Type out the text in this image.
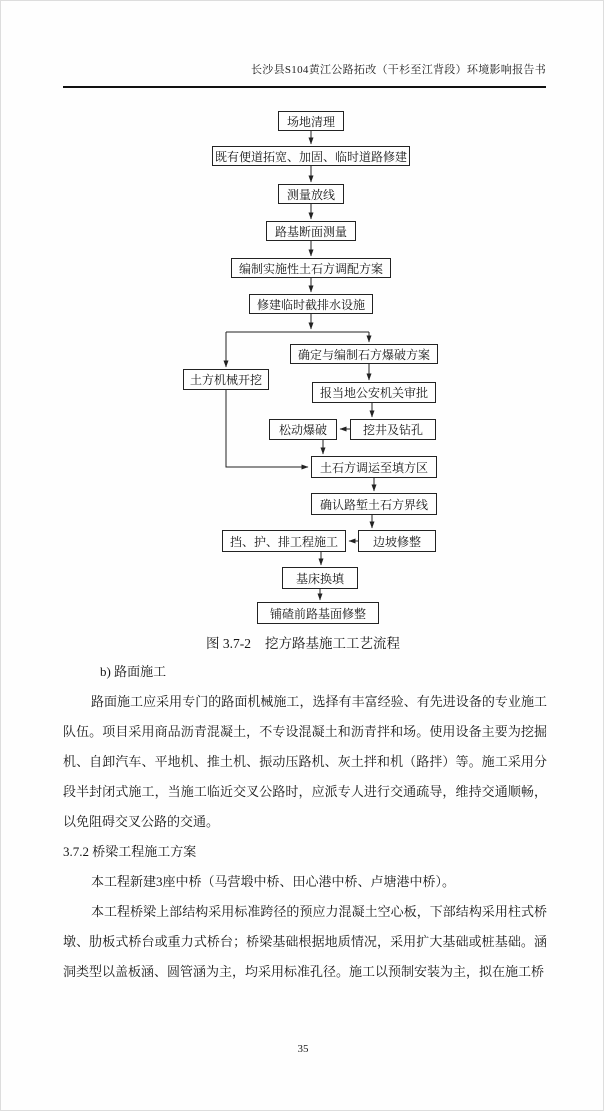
长沙县S104黄江公路拓改（干杉至江背段）环境影响报告书
场地清理
既有便道拓宽、加固、临时道路修建
测量放线
路基断面测量
编制实施性土石方调配方案
修建临时截排水设施
确定与编制石方爆破方案
土方机械开挖
报当地公安机关审批
松动爆破	挖井及钻孔
土石方调运至填方区
确认路堑土石方界线
挡、护、排工程施工	边坡修整
基床换填
铺碴前路基面修整
图 3.7-2 挖方路基施工工艺流程
b) 路面施工

路面施工应采用专门的路面机械施工，选择有丰富经验、有先进设备的专业施工队伍。项目采用商品沥青混凝土，不专设混凝土和沥青拌和场。使用设备主要为挖掘机、自卸汽车、平地机、推土机、振动压路机、灰土拌和机（路拌）等。施工采用分段半封闭式施工，当施工临近交叉公路时，应派专人进行交通疏导，维持交通顺畅，以免阻碍交叉公路的交通。

3.7.2 桥梁工程施工方案

本工程新建3座中桥（马营塅中桥、田心港中桥、卢塘港中桥）。

本工程桥梁上部结构采用标准跨径的预应力混凝土空心板，下部结构采用柱式桥墩、肋板式桥台或重力式桥台；桥梁基础根据地质情况，采用扩大基础或桩基础。涵洞类型以盖板涵、圆管涵为主，均采用标准孔径。施工以预制安装为主，拟在施工桥

35
